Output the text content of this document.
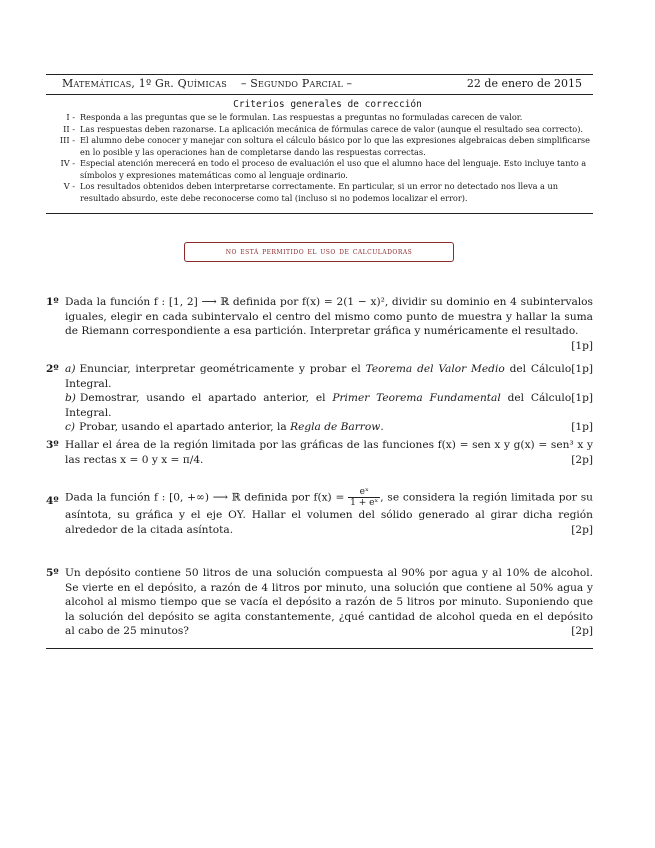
Matemáticas, 1º Gr. Químicas – Segundo Parcial –	22 de enero de 2015
Criterios generales de corrección
I - Responda a las preguntas que se le formulan. Las respuestas a preguntas no formuladas carecen de valor.
II - Las respuestas deben razonarse. La aplicación mecánica de fórmulas carece de valor (aunque el resultado sea correcto).
III - El alumno debe conocer y manejar con soltura el cálculo básico por lo que las expresiones algebraicas deben simplificarse en lo posible y las operaciones han de completarse dando las respuestas correctas.
IV - Especial atención merecerá en todo el proceso de evaluación el uso que el alumno hace del lenguaje. Esto incluye tanto a símbolos y expresiones matemáticas como al lenguaje ordinario.
V - Los resultados obtenidos deben interpretarse correctamente. En particular, si un error no detectado nos lleva a un resultado absurdo, este debe reconocerse como tal (incluso si no podemos localizar el error).
no está permitido el uso de calculadoras
1º Dada la función f : [1, 2] ⟶ ℝ definida por f(x) = 2(1 − x)², dividir su dominio en 4 subintervalos iguales, elegir en cada subintervalo el centro del mismo como punto de muestra y hallar la suma de Riemann correspondiente a esa partición. Interpretar gráfica y numéricamente el resultado.
[1p]
2º a) Enunciar, interpretar geométricamente y probar el Teorema del Valor Medio del Cálculo Integral.
[1p]
b) Demostrar, usando el apartado anterior, el Primer Teorema Fundamental del Cálculo Integral.
[1p]
c) Probar, usando el apartado anterior, la Regla de Barrow.	[1p]
3º Hallar el área de la región limitada por las gráficas de las funciones f(x) = sen x y g(x) = sen³ x y las rectas x = 0 y x = π/4.	[2p]
4º Dada la función f : [0, +∞) ⟶ ℝ definida por $f(x) = \frac{\text{eˣ}}{\text{1 + eˣ}}$ , se considera la región limitada por su asíntota, su gráfica y el eje OY. Hallar el volumen del sólido generado al girar dicha región alrededor de la citada asíntota.	[2p]
5º Un depósito contiene 50 litros de una solución compuesta al 90% por agua y al 10% de alcohol. Se vierte en el depósito, a razón de 4 litros por minuto, una solución que contiene al 50% agua y alcohol al mismo tiempo que se vacía el depósito a razón de 5 litros por minuto. Suponiendo que la solución del depósito se agita constantemente, ¿qué cantidad de alcohol queda en el depósito al cabo de 25 minutos?	[2p]
